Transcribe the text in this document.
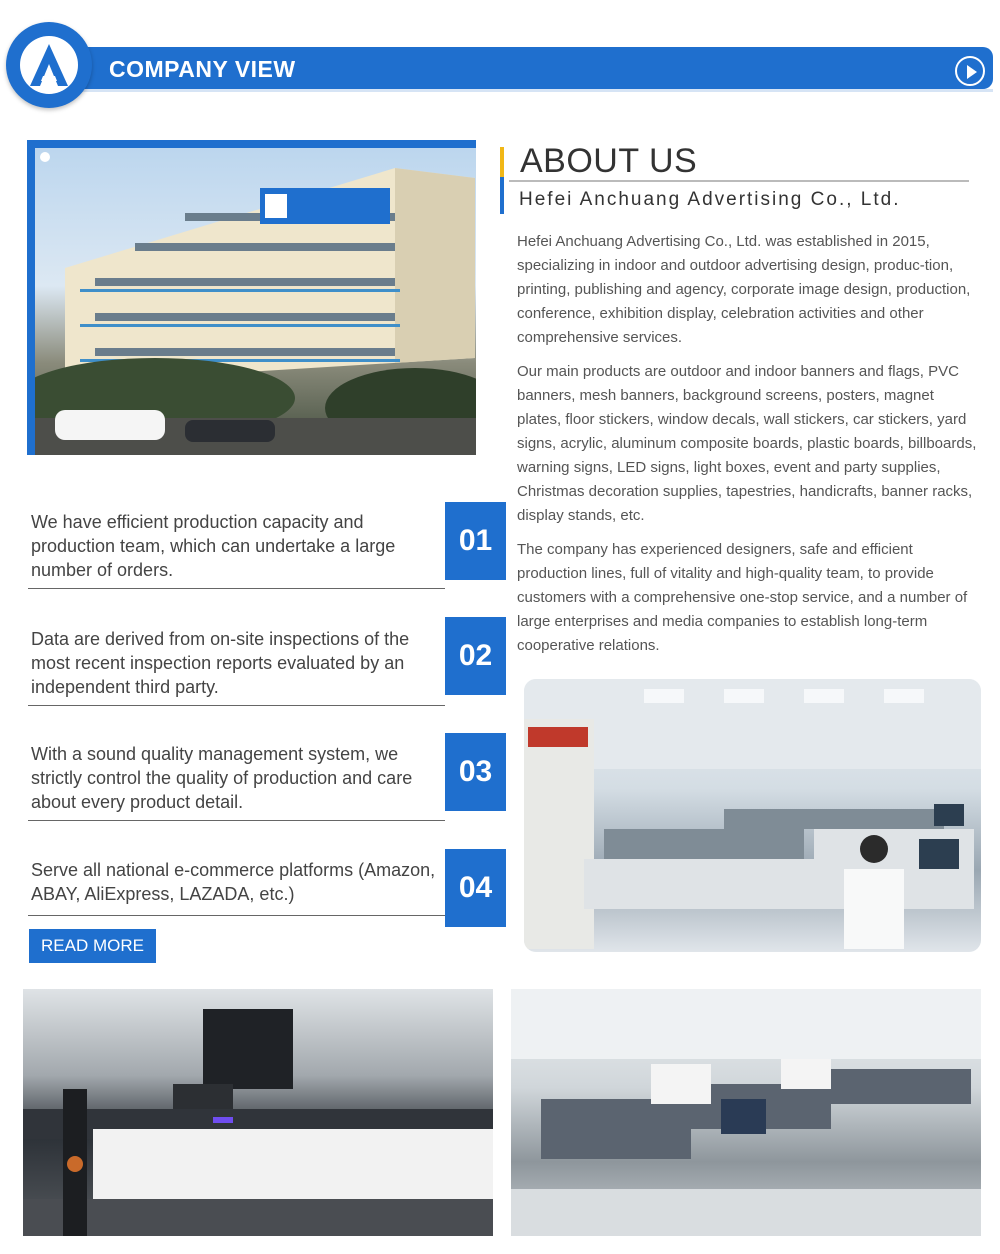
COMPANY VIEW
ABOUT US
Hefei Anchuang Advertising Co., Ltd.
Hefei Anchuang Advertising Co., Ltd. was established in 2015, specializing in indoor and outdoor advertising design, produc-tion, printing, publishing and agency, corporate image design, production, conference, exhibition display, celebration activities and other comprehensive services.
Our main products are outdoor and indoor banners and flags, PVC banners, mesh banners, background screens, posters, magnet plates, floor stickers, window decals, wall stickers, car stickers, yard signs, acrylic, aluminum composite boards, plastic boards, billboards, warning signs, LED signs, light boxes, event and party supplies, Christmas decoration supplies, tapestries, handicrafts, banner racks, display stands, etc.
The company has experienced designers, safe and efficient production lines, full of vitality and high-quality team, to provide customers with a comprehensive one-stop service, and a number of large enterprises and media companies to establish long-term cooperative relations.
We have efficient production capacity and production team, which can undertake a large number of orders.
01
Data are derived from on-site inspections of the most recent inspection reports evaluated by an independent third party.
02
With a sound quality management system, we strictly control the quality of production and care about every product detail.
03
Serve all national e-commerce platforms (Amazon, ABAY, AliExpress, LAZADA, etc.)	04
READ MORE
